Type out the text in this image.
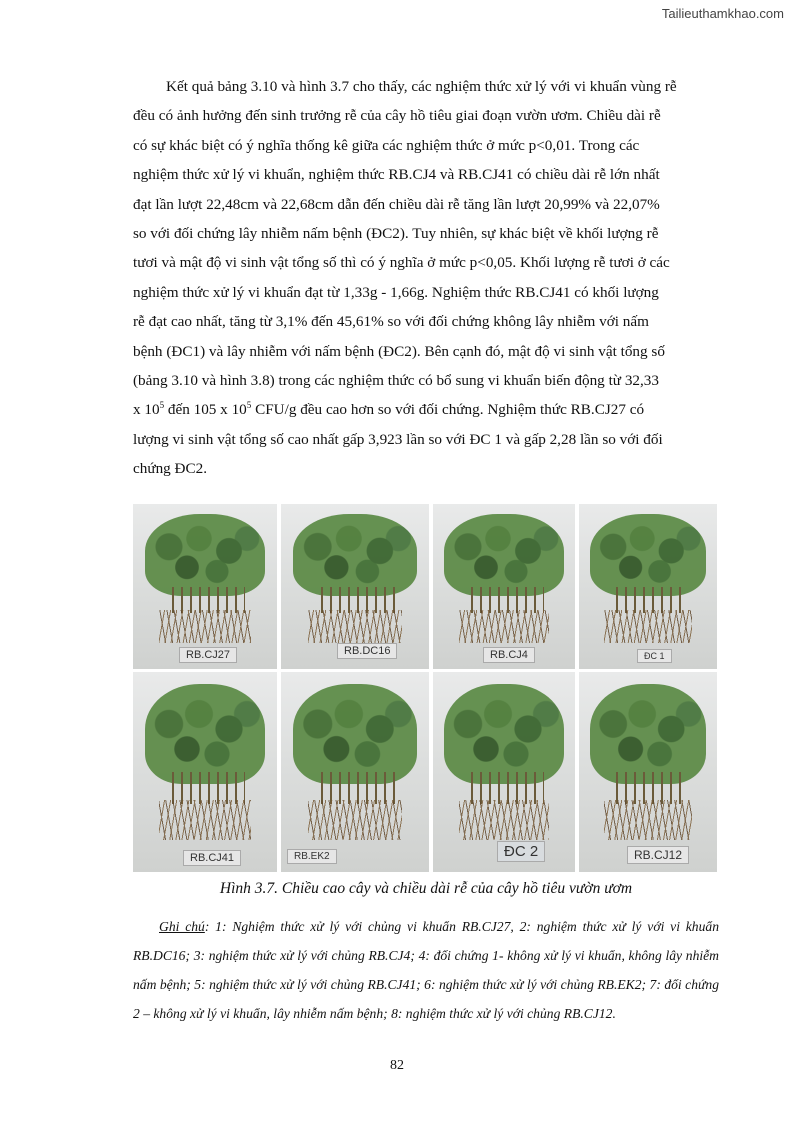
Tailieuthamkhao.com
Kết quả bảng 3.10 và hình 3.7 cho thấy, các nghiệm thức xử lý với vi khuẩn vùng rễ
đều có ảnh hưởng đến sinh trưởng rễ của cây hồ tiêu giai đoạn vườn ươm. Chiều dài rễ
có sự khác biệt có ý nghĩa thống kê giữa các nghiệm thức ở mức p<0,01. Trong các
nghiệm thức xử lý vi khuẩn, nghiệm thức RB.CJ4 và RB.CJ41 có chiều dài rễ lớn nhất
đạt lần lượt 22,48cm và 22,68cm dẫn đến chiều dài rễ tăng lần lượt 20,99% và 22,07%
so với đối chứng lây nhiễm nấm bệnh (ĐC2). Tuy nhiên, sự khác biệt về khối lượng rễ
tươi và mật độ vi sinh vật tổng số thì có ý nghĩa ở mức p<0,05. Khối lượng rễ tươi ở các
nghiệm thức xử lý vi khuẩn đạt từ 1,33g - 1,66g. Nghiệm thức RB.CJ41 có khối lượng
rễ đạt cao nhất, tăng từ 3,1% đến 45,61% so với đối chứng không lây nhiễm với nấm
bệnh (ĐC1) và lây nhiễm với nấm bệnh (ĐC2). Bên cạnh đó, mật độ vi sinh vật tổng số
(bảng 3.10 và hình 3.8) trong các nghiệm thức có bổ sung vi khuẩn biến động từ 32,33
x $10^5$ đến 105 x $10^5$ CFU/g đều cao hơn so với đối chứng. Nghiệm thức RB.CJ27 có
lượng vi sinh vật tổng số cao nhất gấp 3,923 lần so với ĐC 1 và gấp 2,28 lần so với đối
chứng ĐC2.
RB.CJ27	RB.DC16	RB.CJ4	ĐC 1
RB.CJ41	RB.EK2	ĐC 2	RB.CJ12
Hình 3.7. Chiều cao cây và chiều dài rễ của cây hồ tiêu vườn ươm

Ghi chú: 1: Nghiệm thức xử lý với chủng vi khuẩn RB.CJ27, 2: nghiệm thức xử lý với vi khuẩn RB.DC16; 3: nghiệm thức xử lý với chủng RB.CJ4; 4: đối chứng 1- không xử lý vi khuẩn, không lây nhiễm nấm bệnh; 5: nghiệm thức xử lý với chủng RB.CJ41; 6: nghiệm thức xử lý với chủng RB.EK2; 7: đối chứng 2 – không xử lý vi khuẩn, lây nhiễm nấm bệnh; 8: nghiệm thức xử lý với chủng RB.CJ12.

82
